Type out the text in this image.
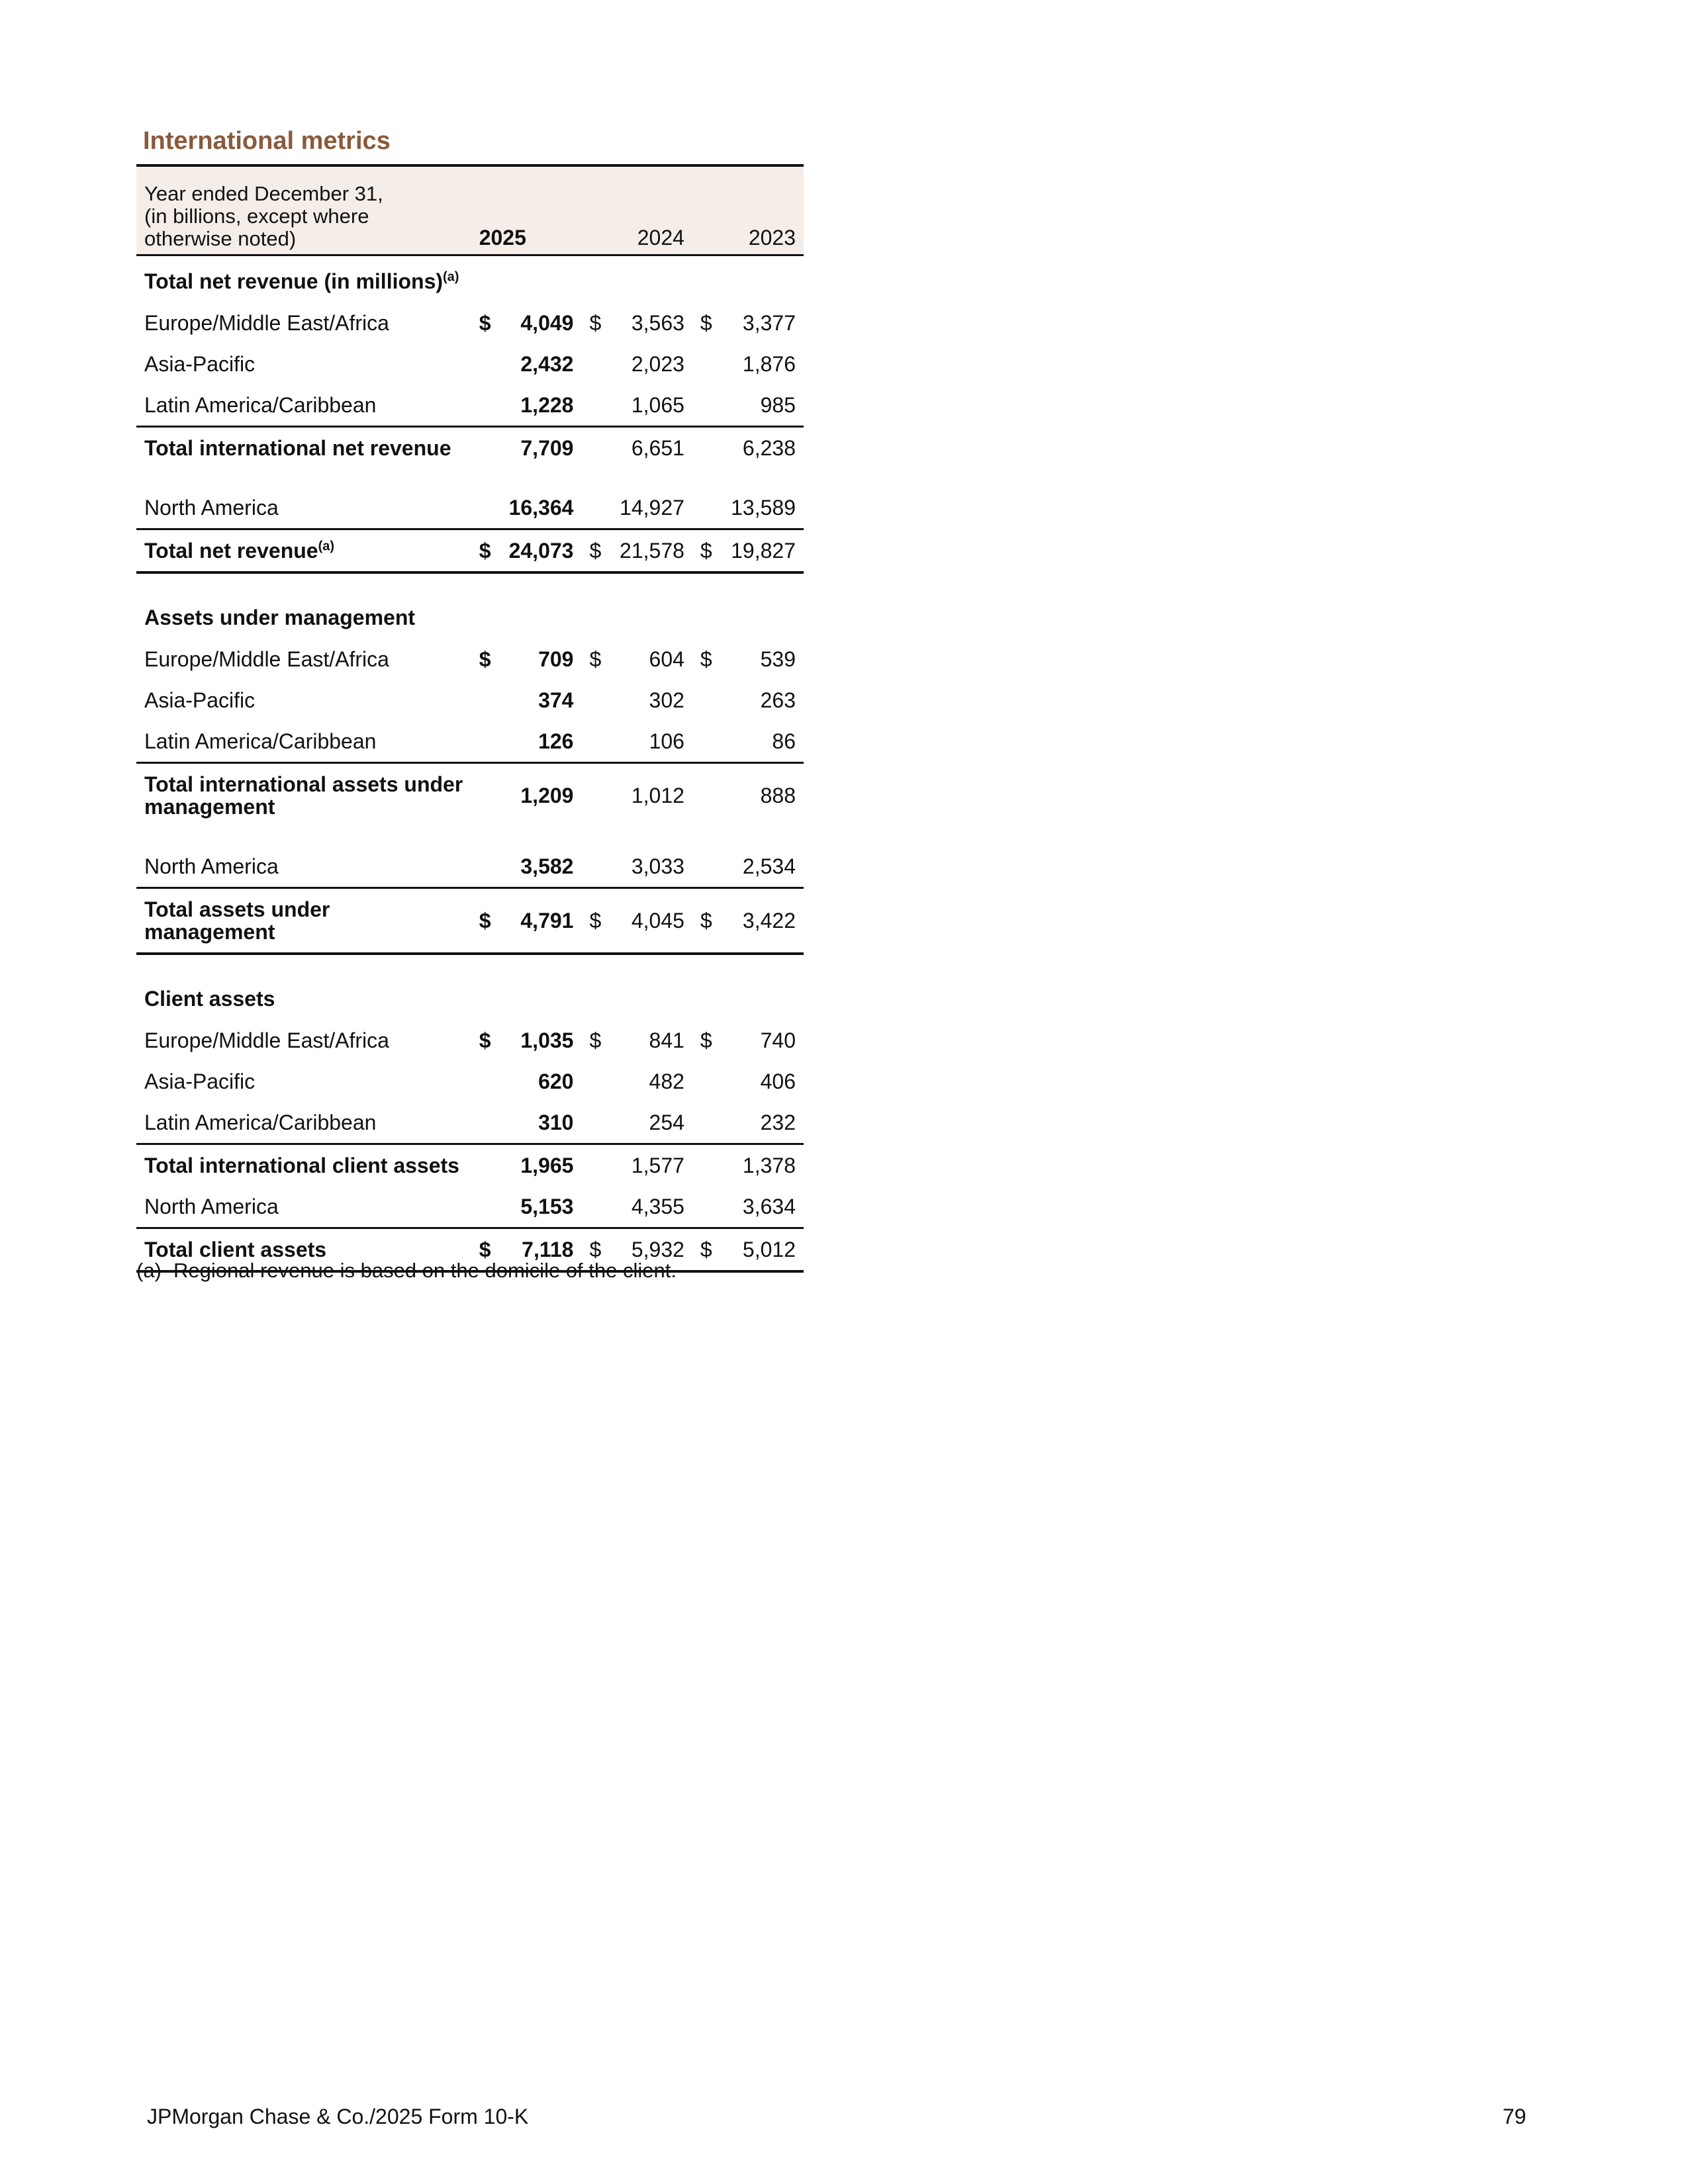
International metrics
Year ended December 31,
(in billions, except where
otherwise noted)	2025		2024		2023	
Total net revenue (in millions)$^{(a)}$
Europe/Middle East/Africa	$	4,049	$	3,563	$	3,377
Asia-Pacific		2,432		2,023		1,876
Latin America/Caribbean		1,228		1,065		985
Total international net revenue		7,709		6,651		6,238

North America		16,364		14,927		13,589
Total net revenue$^{(a)}$	$	24,073	$	21,578	$	19,827

Assets under management						
Europe/Middle East/Africa	$	709	$	604	$	539
Asia-Pacific		374		302		263
Latin America/Caribbean		126		106		86

Total international assets under
management		1,209		1,012		888

North America		3,582		3,033		2,534

Total assets under
management	$	4,791	$	4,045	$	3,422

Client assets						
Europe/Middle East/Africa	$	1,035	$	841	$	740
Asia-Pacific		620		482		406
Latin America/Caribbean		310		254		232
Total international client assets		1,965		1,577		1,378
North America		5,153		4,355		3,634
Total client assets	$	7,118	$	5,932	$	5,012

(a) Regional revenue is based on the domicile of the client.

JPMorgan Chase & Co./2025 Form 10-K	79
